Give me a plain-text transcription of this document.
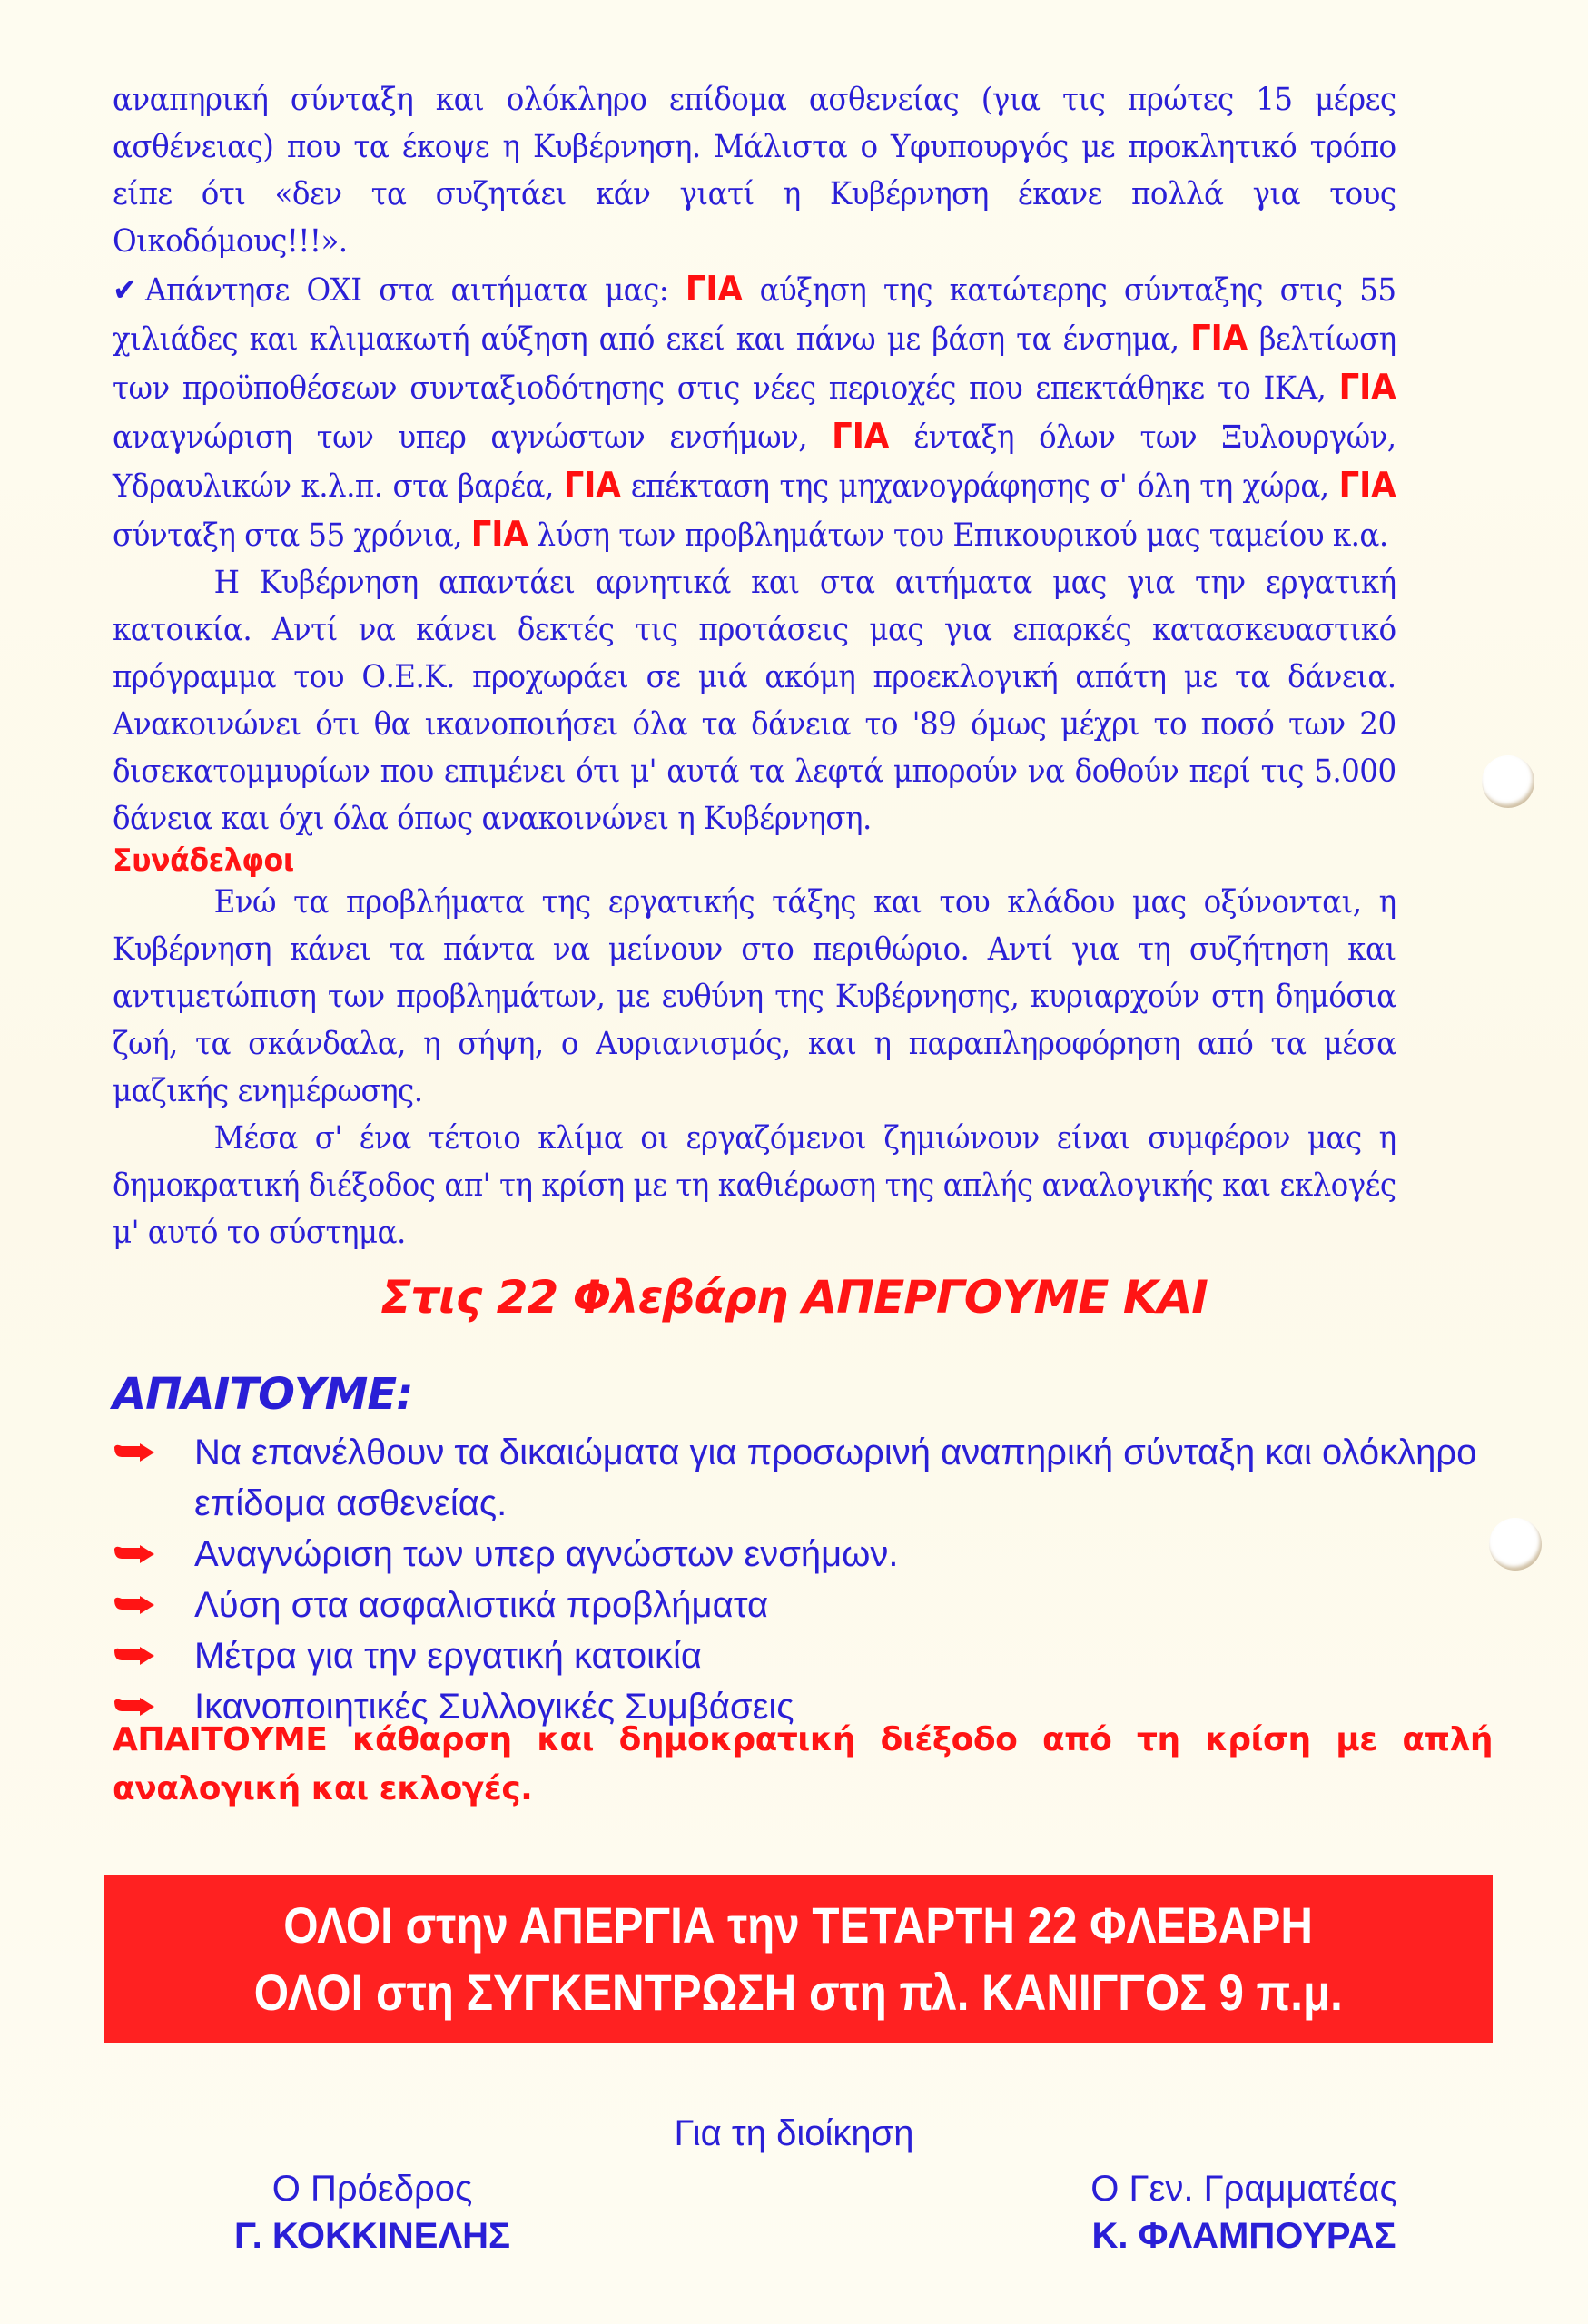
αναπηρική σύνταξη και ολόκληρο επίδομα ασθενείας (για τις πρώτες 15 μέρες ασθένειας) που τα έκοψε η Κυβέρνηση. Μάλιστα ο Υφυπουργός με προκλητικό τρόπο είπε ότι «δεν τα συζητάει κάν γιατί η Κυβέρνηση έκανε πολλά για τους Οικοδόμους!!!».

✔ Απάντησε ΟΧΙ στα αιτήματα μας: ΓΙΑ αύξηση της κατώτερης σύνταξης στις 55 χιλιάδες και κλιμακωτή αύξηση από εκεί και πάνω με βάση τα ένσημα, ΓΙΑ βελτίωση των προϋποθέσεων συνταξιοδότησης στις νέες περιοχές που επεκτάθηκε το ΙΚΑ, ΓΙΑ αναγνώριση των υπερ αγνώστων ενσήμων, ΓΙΑ ένταξη όλων των Ξυλουργών, Υδραυλικών κ.λ.π. στα βαρέα, ΓΙΑ επέκταση της μηχανογράφησης σ' όλη τη χώρα, ΓΙΑ σύνταξη στα 55 χρόνια, ΓΙΑ λύση των προβλημάτων του Επικουρικού μας ταμείου κ.α.

Η Κυβέρνηση απαντάει αρνητικά και στα αιτήματα μας για την εργατική κατοικία. Αντί να κάνει δεκτές τις προτάσεις μας για επαρκές κατασκευαστικό πρόγραμμα του Ο.Ε.Κ. προχωράει σε μιά ακόμη προεκλογική απάτη με τα δάνεια. Ανακοινώνει ότι θα ικανοποιήσει όλα τα δάνεια το '89 όμως μέχρι το ποσό των 20 δισεκατομμυρίων που επιμένει ότι μ' αυτά τα λεφτά μπορούν να δοθούν περί τις 5.000 δάνεια και όχι όλα όπως ανακοινώνει η Κυβέρνηση.

Συνάδελφοι

Ενώ τα προβλήματα της εργατικής τάξης και του κλάδου μας οξύνονται, η Κυβέρνηση κάνει τα πάντα να μείνουν στο περιθώριο. Αντί για τη συζήτηση και αντιμετώπιση των προβλημάτων, με ευθύνη της Κυβέρνησης, κυριαρχούν στη δημόσια ζωή, τα σκάνδαλα, η σήψη, ο Αυριανισμός, και η παραπληροφόρηση από τα μέσα μαζικής ενημέρωσης.

Μέσα σ' ένα τέτοιο κλίμα οι εργαζόμενοι ζημιώνουν είναι συμφέρον μας η δημοκρατική διέξοδος απ' τη κρίση με τη καθιέρωση της απλής αναλογικής και εκλογές μ' αυτό το σύστημα.

Στις 22 Φλεβάρη ΑΠΕΡΓΟΥΜΕ ΚΑΙ
ΑΠΑΙΤΟΥΜΕ:
Να επανέλθουν τα δικαιώματα για προσωρινή αναπηρική σύνταξη και ολόκληρο επίδομα ασθενείας.
Αναγνώριση των υπερ αγνώστων ενσήμων.
Λύση στα ασφαλιστικά προβλήματα
Μέτρα για την εργατική κατοικία
Ικανοποιητικές Συλλογικές Συμβάσεις
ΑΠΑΙΤΟΥΜΕ κάθαρση και δημοκρατική διέξοδο από τη κρίση με απλή αναλογική και εκλογές.
ΟΛΟΙ στην ΑΠΕΡΓΙΑ την ΤΕΤΑΡΤΗ 22 ΦΛΕΒΑΡΗ
ΟΛΟΙ στη ΣΥΓΚΕΝΤΡΩΣΗ στη πλ. ΚΑΝΙΓΓΟΣ 9 π.μ.
Για τη διοίκηση
Ο Πρόεδρος
Γ. ΚΟΚΚΙΝΕΛΗΣ
Ο Γεν. Γραμματέας
Κ. ΦΛΑΜΠΟΥΡΑΣ
